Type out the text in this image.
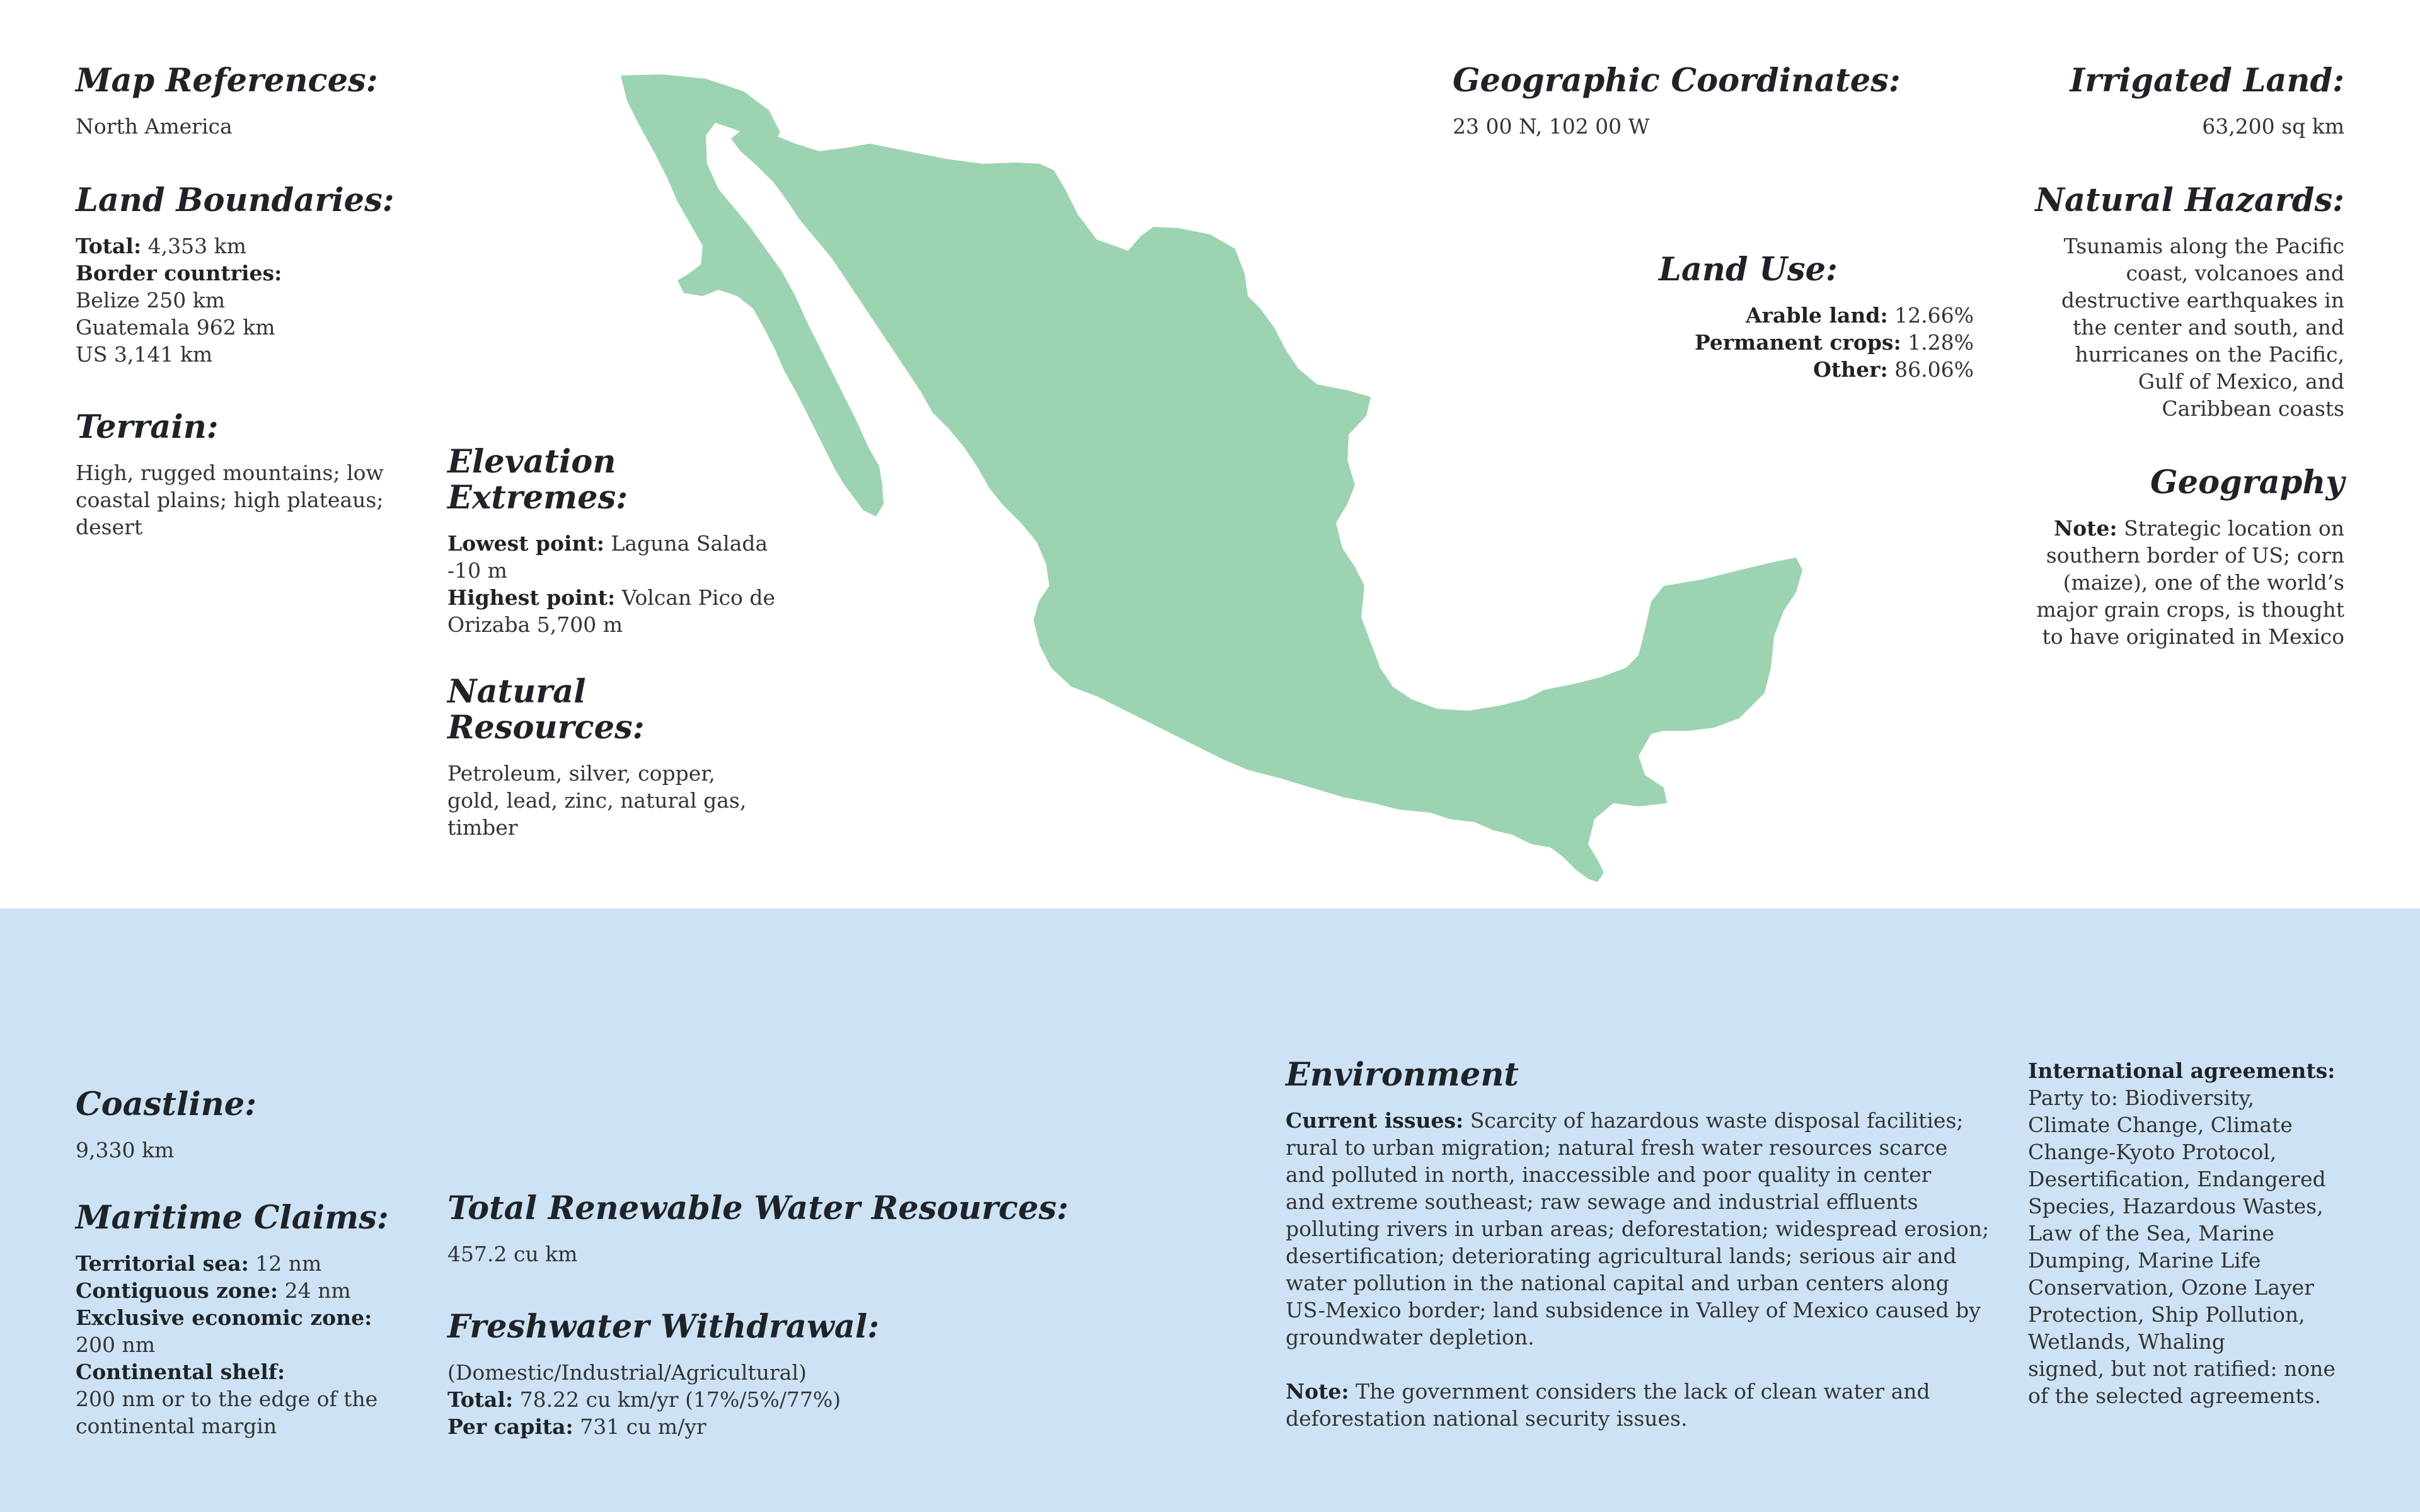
Map References:

North America

Land Boundaries:

Total: 4,353 km

Border countries:

Belize 250 km

Guatemala 962 km

US 3,141 km

Terrain:

High, rugged mountains; low

coastal plains; high plateaus;

desert

Elevation
Extremes:

Lowest point: Laguna Salada

-10 m

Highest point: Volcan Pico de

Orizaba 5,700 m

Natural
Resources:

Petroleum, silver, copper,

gold, lead, zinc, natural gas,

timber

Geographic Coordinates:

23 00 N, 102 00 W

Land Use:

Arable land: 12.66%

Permanent crops: 1.28%

Other: 86.06%

Irrigated Land:

63,200 sq km

Natural Hazards:

Tsunamis along the Pacific

coast, volcanoes and

destructive earthquakes in

the center and south, and

hurricanes on the Pacific,

Gulf of Mexico, and

Caribbean coasts

Geography

Note: Strategic location on

southern border of US; corn

(maize), one of the world’s

major grain crops, is thought

to have originated in Mexico

Coastline:

9,330 km

Maritime Claims:

Territorial sea: 12 nm

Contiguous zone: 24 nm

Exclusive economic zone:

200 nm

Continental shelf:

200 nm or to the edge of the

continental margin

Total Renewable Water Resources:

457.2 cu km

Freshwater Withdrawal:

(Domestic/Industrial/Agricultural)

Total: 78.22 cu km/yr (17%/5%/77%)

Per capita: 731 cu m/yr

Environment

Current issues: Scarcity of hazardous waste disposal facilities;

rural to urban migration; natural fresh water resources scarce

and polluted in north, inaccessible and poor quality in center

and extreme southeast; raw sewage and industrial effluents

polluting rivers in urban areas; deforestation; widespread erosion;

desertification; deteriorating agricultural lands; serious air and

water pollution in the national capital and urban centers along

US-Mexico border; land subsidence in Valley of Mexico caused by

groundwater depletion.

Note: The government considers the lack of clean water and

deforestation national security issues.

International agreements:

Party to: Biodiversity,

Climate Change, Climate

Change-Kyoto Protocol,

Desertification, Endangered

Species, Hazardous Wastes,

Law of the Sea, Marine

Dumping, Marine Life

Conservation, Ozone Layer

Protection, Ship Pollution,

Wetlands, Whaling

signed, but not ratified: none

of the selected agreements.
